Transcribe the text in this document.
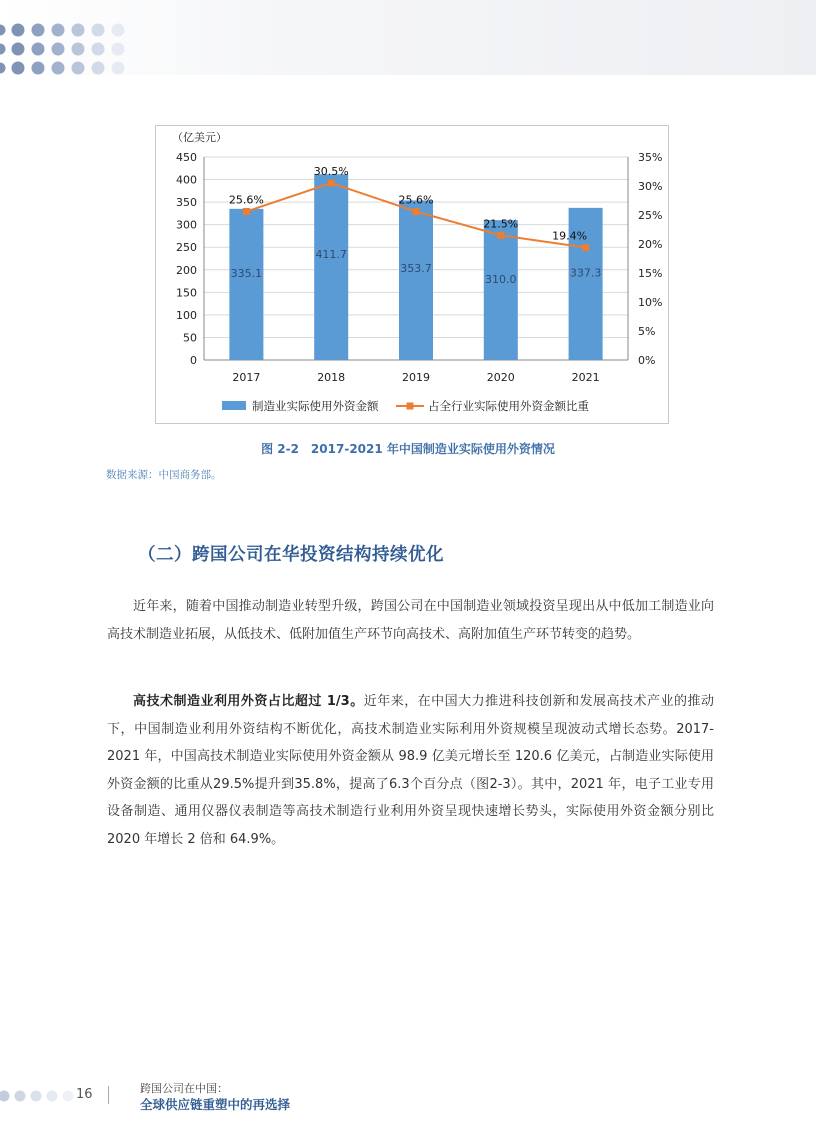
（亿美元）
0
50
100
150
200
250
300
350
400
450
0%
5%
10%
15%
20%
25%
30%
35%
335.1
411.7
353.7
310.0
337.3
2017	2018	2019	2020	2021
25.6%
30.5%
25.6%
21.5%
19.4%
制造业实际使用外资金额	占全行业实际使用外资金额比重
图 2-2　2017-2021 年中国制造业实际使用外资情况
数据来源：中国商务部。
（二）跨国公司在华投资结构持续优化

近年来，随着中国推动制造业转型升级，跨国公司在中国制造业领域投资呈现出从中低加工制造业向高技术制造业拓展，从低技术、低附加值生产环节向高技术、高附加值生产环节转变的趋势。

高技术制造业利用外资占比超过 1/3。近年来，在中国大力推进科技创新和发展高技术产业的推动下，中国制造业利用外资结构不断优化，高技术制造业实际利用外资规模呈现波动式增长态势。2017-2021 年，中国高技术制造业实际使用外资金额从 98.9 亿美元增长至 120.6 亿美元，占制造业实际使用外资金额的比重从29.5%提升到35.8%，提高了6.3个百分点（图2-3）。其中，2021 年，电子工业专用设备制造、通用仪器仪表制造等高技术制造行业利用外资呈现快速增长势头，实际使用外资金额分别比 2020 年增长 2 倍和 64.9%。

16	跨国公司在中国：
全球供应链重塑中的再选择
